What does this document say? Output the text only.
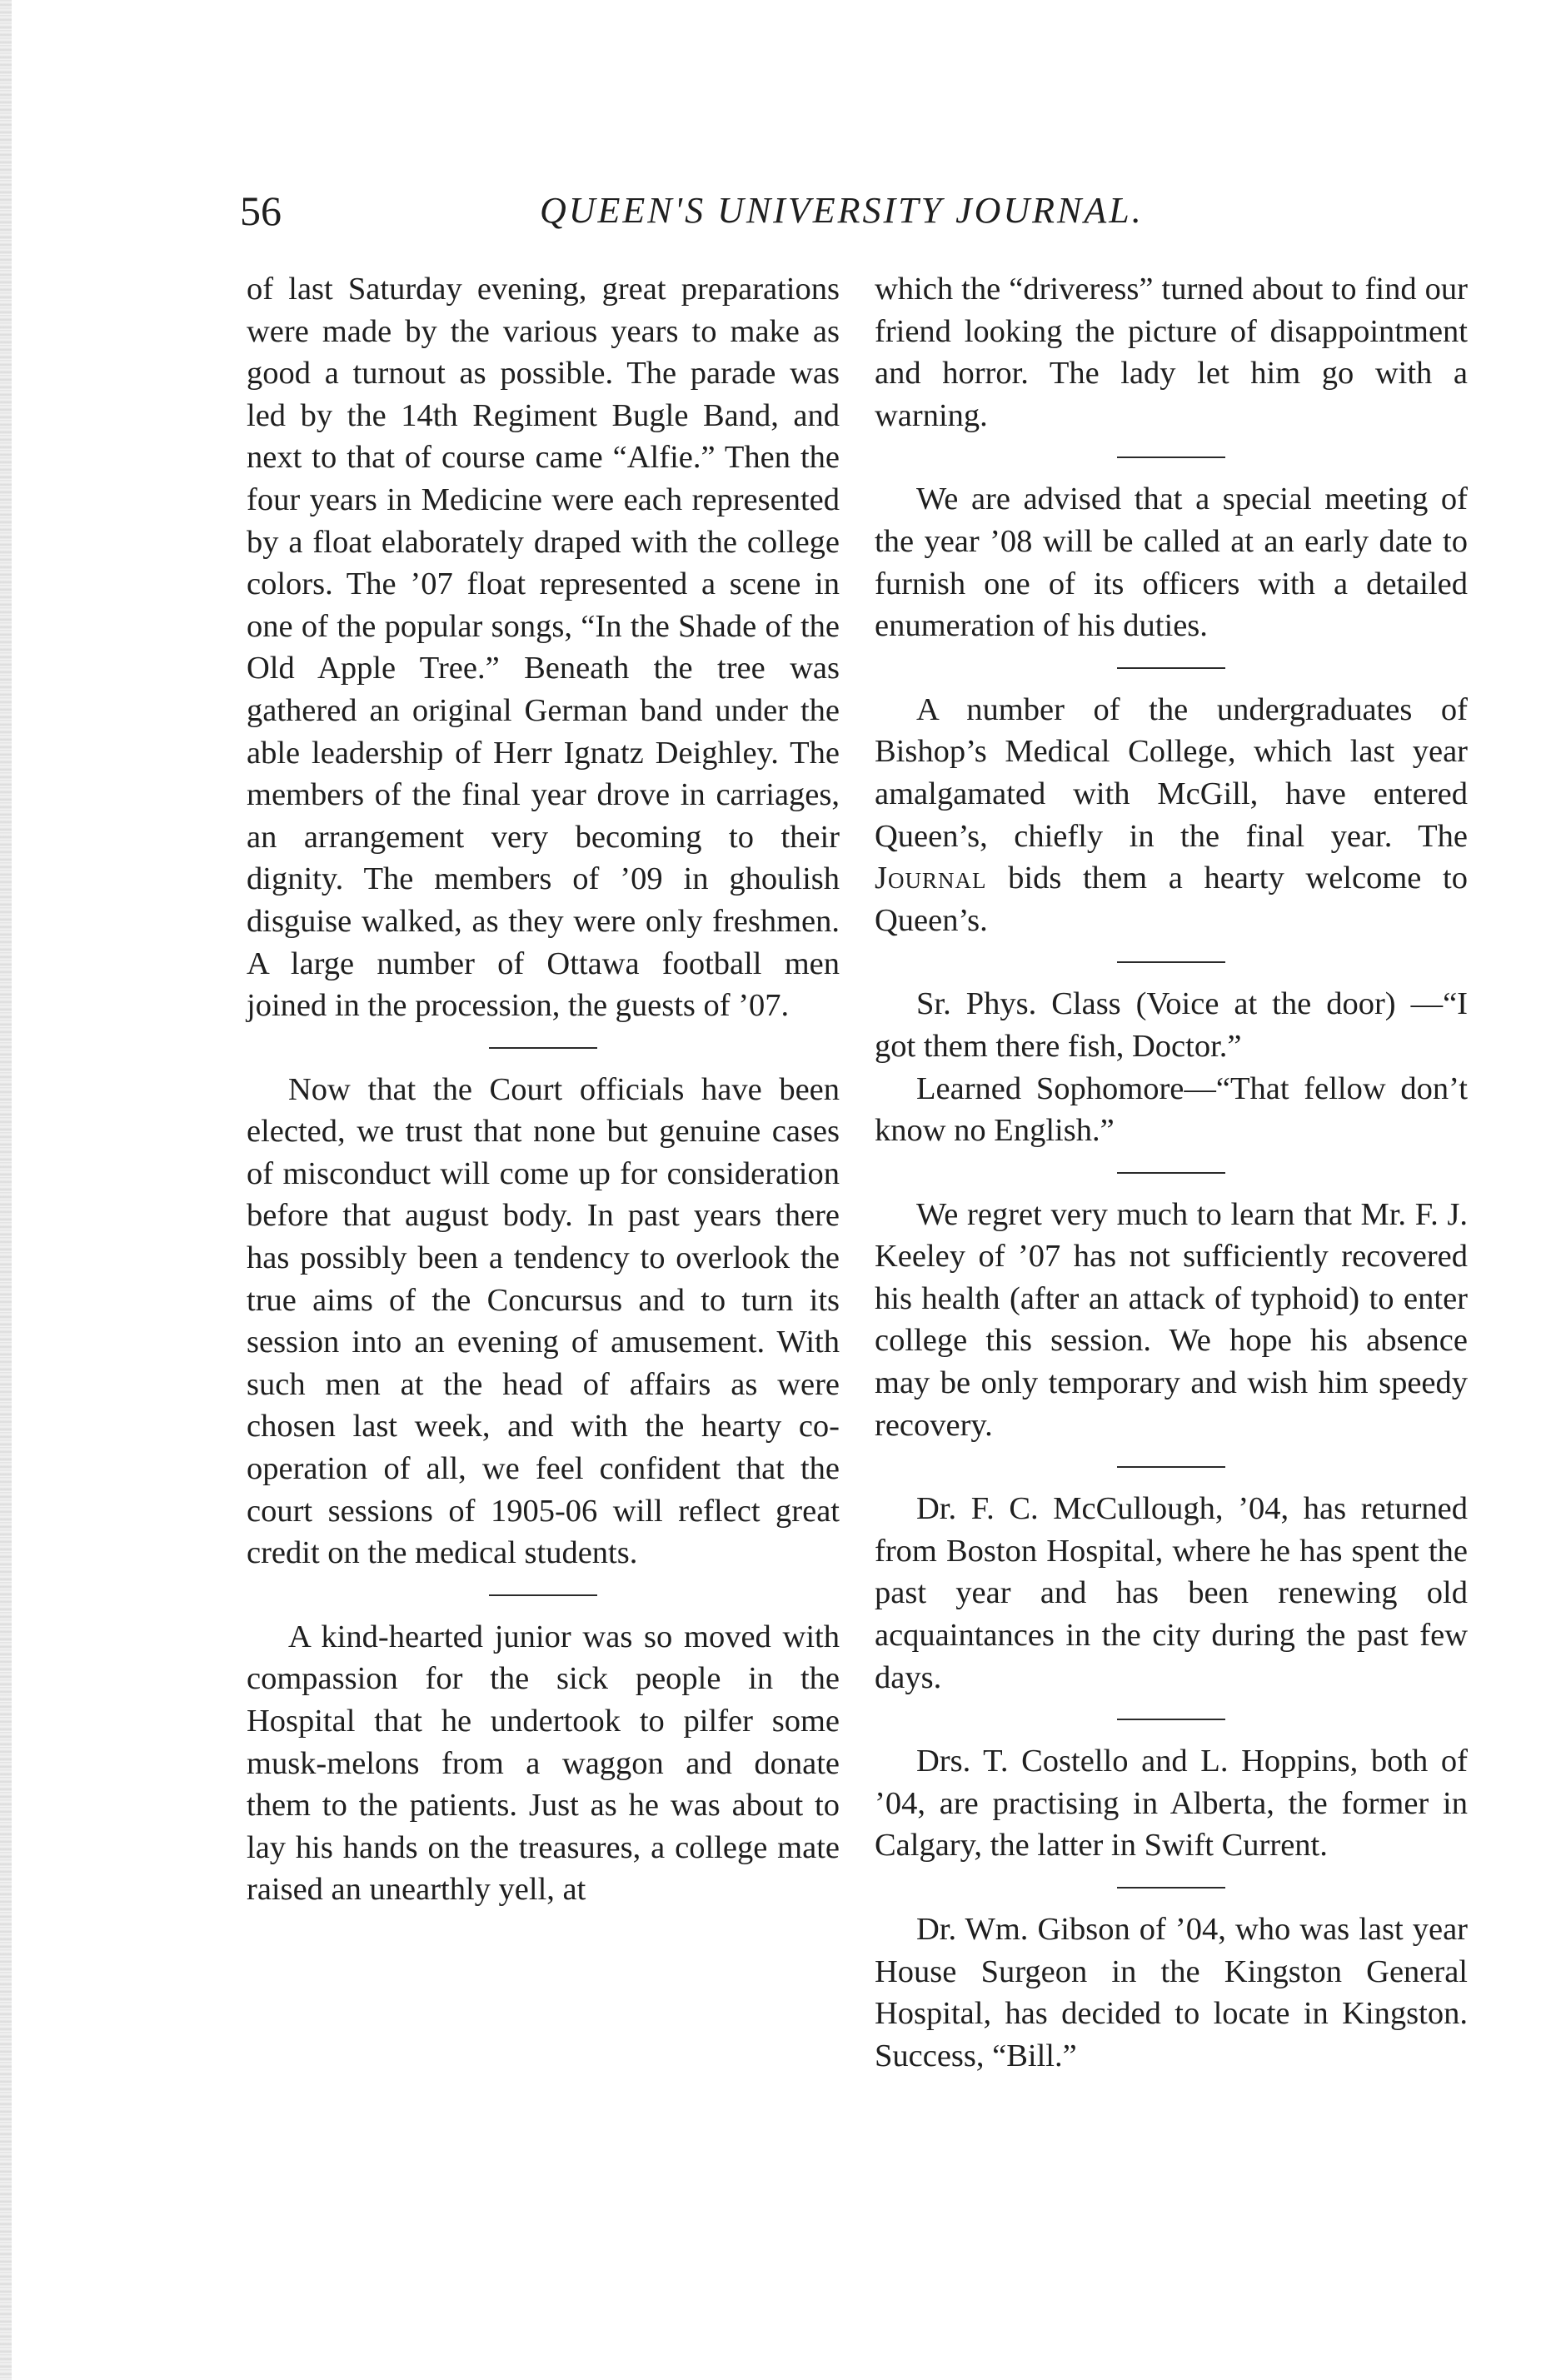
56	QUEEN'S UNIVERSITY JOURNAL.

of last Saturday evening, great preparations were made by the various years to make as good a turnout as possible. The parade was led by the 14th Regiment Bugle Band, and next to that of course came “Alfie.” Then the four years in Medicine were each represented by a float elaborately draped with the college colors. The ’07 float represented a scene in one of the popular songs, “In the Shade of the Old Apple Tree.” Beneath the tree was gathered an original German band under the able leadership of Herr Ignatz Deighley. The members of the final year drove in carriages, an arrangement very becoming to their dignity. The members of ’09 in ghoulish disguise walked, as they were only freshmen. A large number of Ottawa football men joined in the procession, the guests of ’07.

Now that the Court officials have been elected, we trust that none but genuine cases of misconduct will come up for consideration before that august body. In past years there has possibly been a tendency to overlook the true aims of the Concursus and to turn its session into an evening of amusement. With such men at the head of affairs as were chosen last week, and with the hearty co-operation of all, we feel confident that the court sessions of 1905-06 will reflect great credit on the medical students.

A kind-hearted junior was so moved with compassion for the sick people in the Hospital that he undertook to pilfer some musk-melons from a waggon and donate them to the patients. Just as he was about to lay his hands on the treasures, a college mate raised an unearthly yell, at

which the “driveress” turned about to find our friend looking the picture of disappointment and horror. The lady let him go with a warning.

We are advised that a special meeting of the year ’08 will be called at an early date to furnish one of its officers with a detailed enumeration of his duties.

A number of the undergraduates of Bishop’s Medical College, which last year amalgamated with McGill, have entered Queen’s, chiefly in the final year. The Journal bids them a hearty welcome to Queen’s.

Sr. Phys. Class (Voice at the door) —“I got them there fish, Doctor.”

Learned Sophomore—“That fellow don’t know no English.”

We regret very much to learn that Mr. F. J. Keeley of ’07 has not sufficiently recovered his health (after an attack of typhoid) to enter college this session. We hope his absence may be only temporary and wish him speedy recovery.

Dr. F. C. McCullough, ’04, has returned from Boston Hospital, where he has spent the past year and has been renewing old acquaintances in the city during the past few days.

Drs. T. Costello and L. Hoppins, both of ’04, are practising in Alberta, the former in Calgary, the latter in Swift Current.

Dr. Wm. Gibson of ’04, who was last year House Surgeon in the Kingston General Hospital, has decided to locate in Kingston. Success, “Bill.”
